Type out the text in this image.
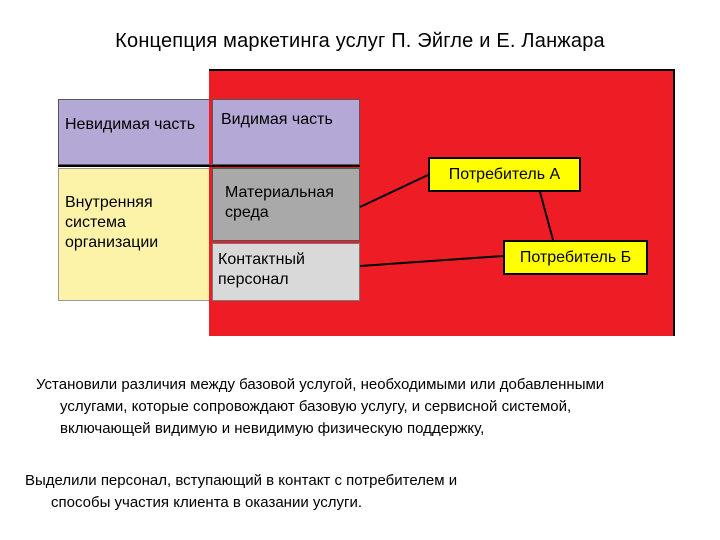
Концепция маркетинга услуг П. Эйгле и Е. Ланжара
Невидимая часть	Видимая часть
Внутренняя система организации
Материальная среда
Контактный персонал
Потребитель А
Потребитель Б
Установили различия между базовой услугой, необходимыми или добавленными
услугами, которые сопровождают базовую услугу, и сервисной системой,
включающей видимую и невидимую физическую поддержку,
Выделили персонал, вступающий в контакт с потребителем и
способы участия клиента в оказании услуги.
